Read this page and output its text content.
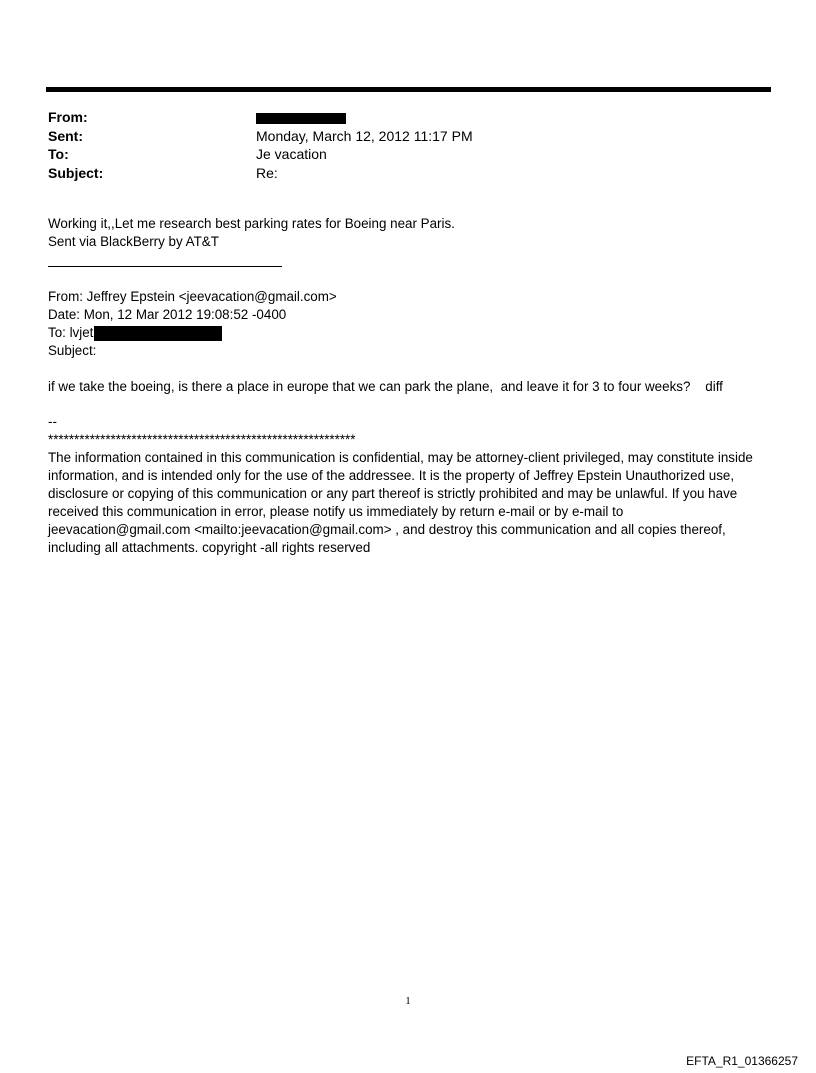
From:
Sent:	Monday, March 12, 2012 11:17 PM
To:	Je vacation
Subject:	Re:
Working it,,Let me research best parking rates for Boeing near Paris.
Sent via BlackBerry by AT&T
From: Jeffrey Epstein <jeevacation@gmail.com>
Date: Mon, 12 Mar 2012 19:08:52 -0400
To: lvjet
Subject:
if we take the boeing, is there a place in europe that we can park the plane,  and leave it for 3 to four weeks?    diff
--
***********************************************************
The information contained in this communication is confidential, may be attorney-client privileged, may constitute inside information, and is intended only for the use of the addressee. It is the property of Jeffrey Epstein Unauthorized use, disclosure or copying of this communication or any part thereof is strictly prohibited and may be unlawful. If you have received this communication in error, please notify us immediately by return e-mail or by e-mail to jeevacation@gmail.com <mailto:jeevacation@gmail.com> , and destroy this communication and all copies thereof, including all attachments. copyright -all rights reserved
1
EFTA_R1_01366257
